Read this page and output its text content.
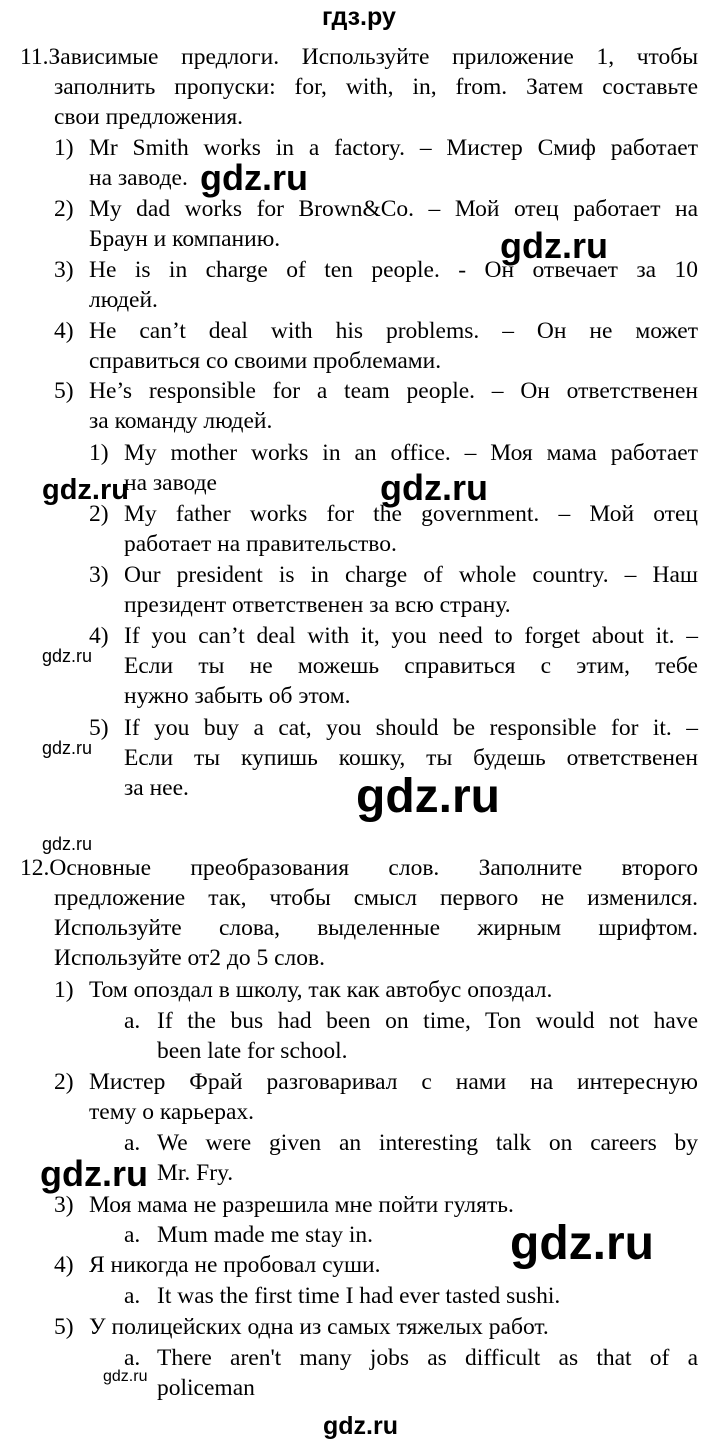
гдз.ру
11.Зависимые предлоги. Используйте приложение 1, чтобы
заполнить пропуски: for, with, in, from. Затем составьте
свои предложения.
1) Mr Smith works in a factory. – Мистер Смиф работает
на заводе.
2) My dad works for Brown&Co. – Мой отец работает на
Браун и компанию.
3) He is in charge of ten people. - Он отвечает за 10
людей.
4) He can’t deal with his problems. – Он не может
справиться со своими проблемами.
5) He’s responsible for a team people. – Он ответственен
за команду людей.
1) My mother works in an office. – Моя мама работает
на заводе
2) My father works for the government. – Мой отец
работает на правительство.
3) Our president is in charge of whole country. – Наш
президент ответственен за всю страну.
4) If you can’t deal with it, you need to forget about it. –
Если ты не можешь справиться с этим, тебе
нужно забыть об этом.
5) If you buy a cat, you should be responsible for it. –
Если ты купишь кошку, ты будешь ответственен
за нее.
12.Основные преобразования слов. Заполните второго
предложение так, чтобы смысл первого не изменился.
Используйте слова, выделенные жирным шрифтом.
Используйте от2 до 5 слов.
1) Том опоздал в школу, так как автобус опоздал.
a. If the bus had been on time, Ton would not have
been late for school.
2) Мистер Фрай разговаривал с нами на интересную
тему о карьерах.
a. We were given an interesting talk on careers by
Mr. Fry.
3) Моя мама не разрешила мне пойти гулять.
a. Mum made me stay in.
4) Я никогда не пробовал суши.
a. It was the first time I had ever tasted sushi.
5) У полицейских одна из самых тяжелых работ.
a. There aren't many jobs as difficult as that of a
policeman
gdz.ru
gdz.ru
gdz.ru	gdz.ru
gdz.ru
gdz.ru
gdz.ru
gdz.ru
gdz.ru
gdz.ru
gdz.ru
gdz.ru
